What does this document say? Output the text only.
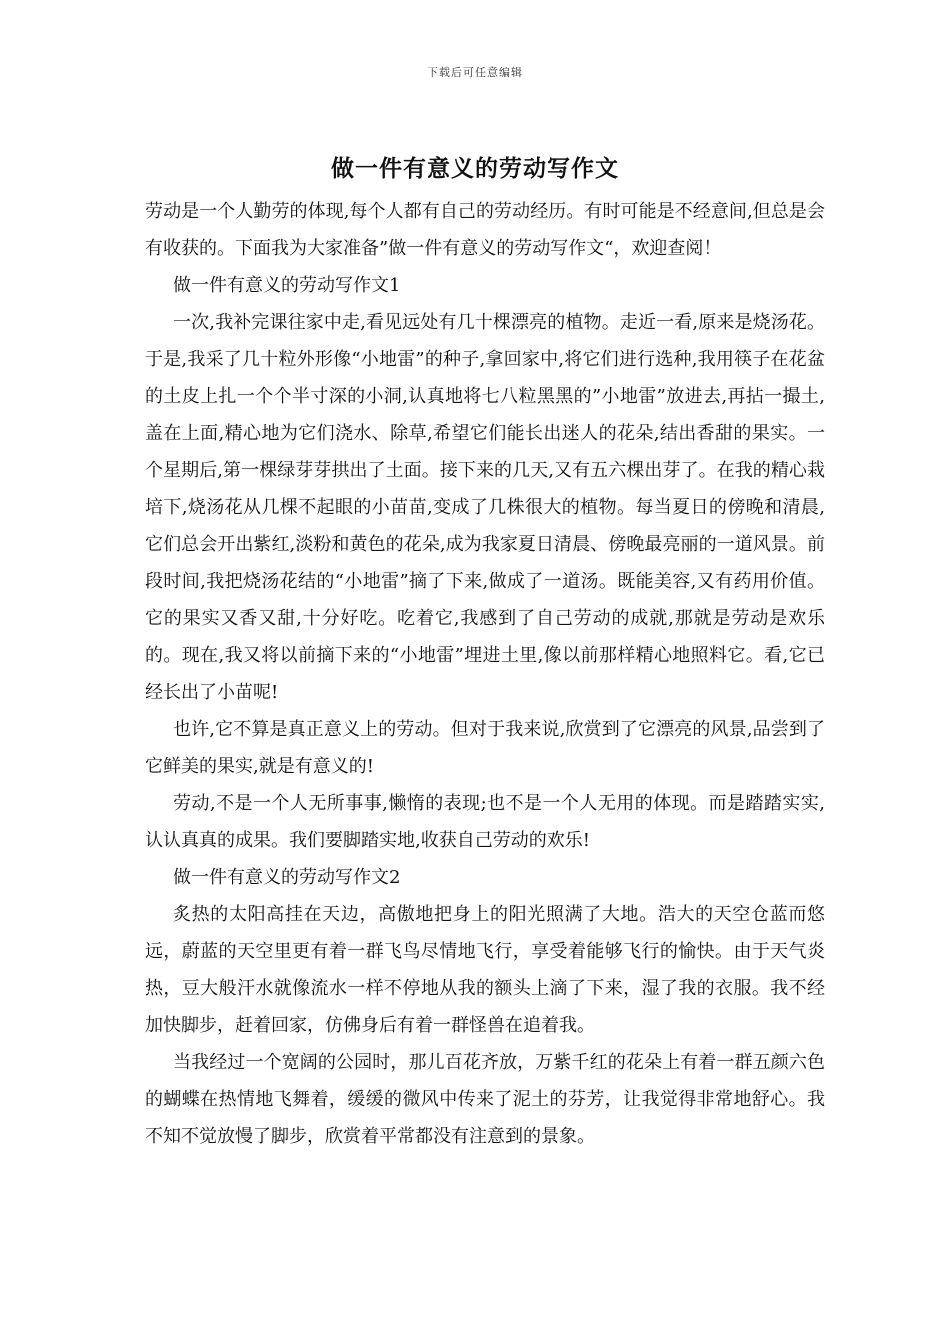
下载后可任意编辑
做一件有意义的劳动写作文

劳动是一个人勤劳的体现,每个人都有自己的劳动经历。有时可能是不经意间,但总是会有收获的。下面我为大家准备”做一件有意义的劳动写作文“，欢迎查阅！

做一件有意义的劳动写作文1

一次,我补完课往家中走,看见远处有几十棵漂亮的植物。走近一看,原来是烧汤花。于是,我采了几十粒外形像“小地雷”的种子,拿回家中,将它们进行选种,我用筷子在花盆的土皮上扎一个个半寸深的小洞,认真地将七八粒黑黑的”小地雷”放进去,再拈一撮土,盖在上面,精心地为它们浇水、除草,希望它们能长出迷人的花朵,结出香甜的果实。一个星期后,第一棵绿芽芽拱出了土面。接下来的几天,又有五六棵出芽了。在我的精心栽培下,烧汤花从几棵不起眼的小苗苗,变成了几株很大的植物。每当夏日的傍晚和清晨,它们总会开出紫红,淡粉和黄色的花朵,成为我家夏日清晨、傍晚最亮丽的一道风景。前段时间,我把烧汤花结的“小地雷”摘了下来,做成了一道汤。既能美容,又有药用价值。它的果实又香又甜,十分好吃。吃着它,我感到了自己劳动的成就,那就是劳动是欢乐的。现在,我又将以前摘下来的“小地雷”埋进土里,像以前那样精心地照料它。看,它已经长出了小苗呢!

也许,它不算是真正意义上的劳动。但对于我来说,欣赏到了它漂亮的风景,品尝到了它鲜美的果实,就是有意义的!

劳动,不是一个人无所事事,懒惰的表现;也不是一个人无用的体现。而是踏踏实实,认认真真的成果。我们要脚踏实地,收获自己劳动的欢乐!

做一件有意义的劳动写作文2

炙热的太阳高挂在天边，高傲地把身上的阳光照满了大地。浩大的天空仓蓝而悠远，蔚蓝的天空里更有着一群飞鸟尽情地飞行，享受着能够飞行的愉快。由于天气炎热，豆大般汗水就像流水一样不停地从我的额头上滴了下来，湿了我的衣服。我不经加快脚步，赶着回家，仿佛身后有着一群怪兽在追着我。

当我经过一个宽阔的公园时，那儿百花齐放，万紫千红的花朵上有着一群五颜六色的蝴蝶在热情地飞舞着，缓缓的微风中传来了泥土的芬芳，让我觉得非常地舒心。我不知不觉放慢了脚步，欣赏着平常都没有注意到的景象。
